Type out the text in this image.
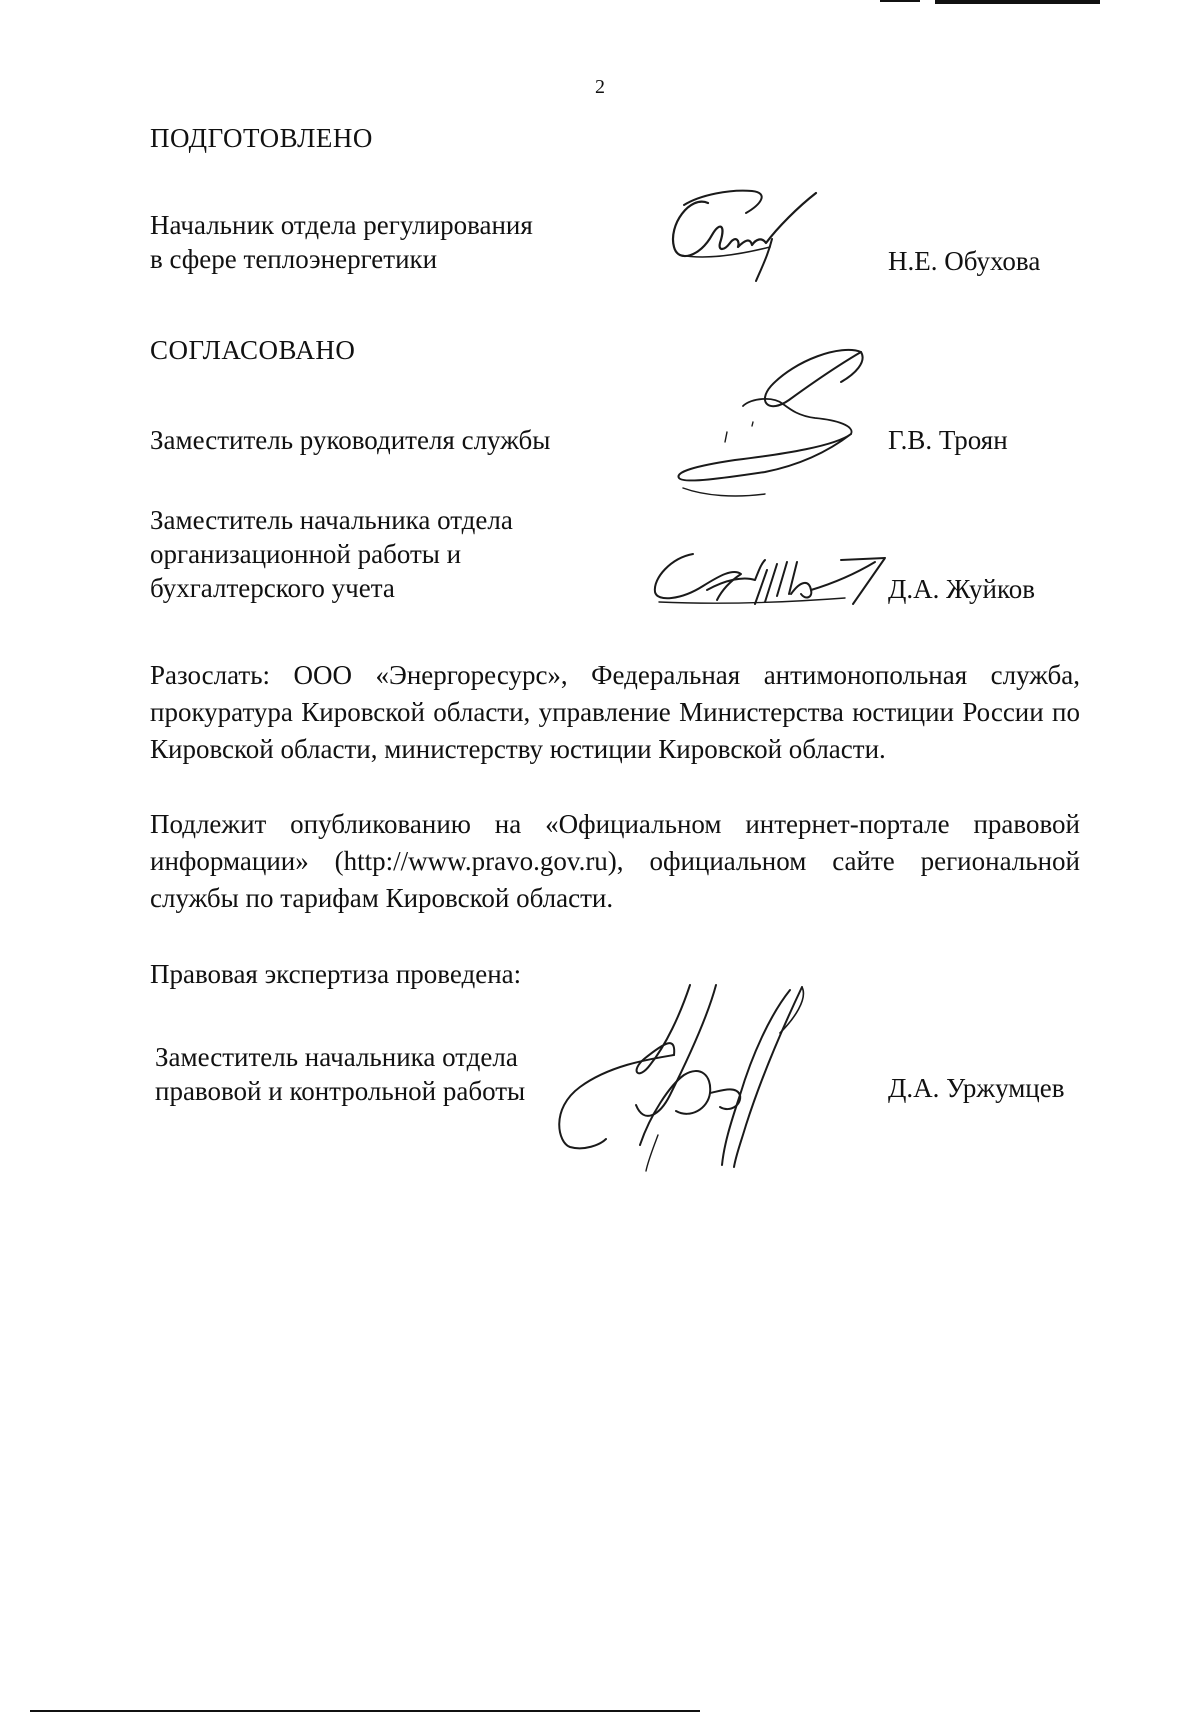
2
ПОДГОТОВЛЕНО
Начальник отдела регулирования
в сфере теплоэнергетики	Н.Е. Обухова
СОГЛАСОВАНО
Заместитель руководителя службы	Г.В. Троян
Заместитель начальника отдела
организационной работы и
бухгалтерского учета	Д.А. Жуйков
Разослать: ООО «Энергоресурс», Федеральная антимонопольная служба, прокуратура Кировской области, управление Министерства юстиции России по Кировской области, министерству юстиции Кировской области.
Подлежит опубликованию на «Официальном интернет-портале правовой информации» (http://www.pravo.gov.ru), официальном сайте региональной службы по тарифам Кировской области.
Правовая экспертиза проведена:
Заместитель начальника отдела
правовой и контрольной работы	Д.А. Уржумцев
